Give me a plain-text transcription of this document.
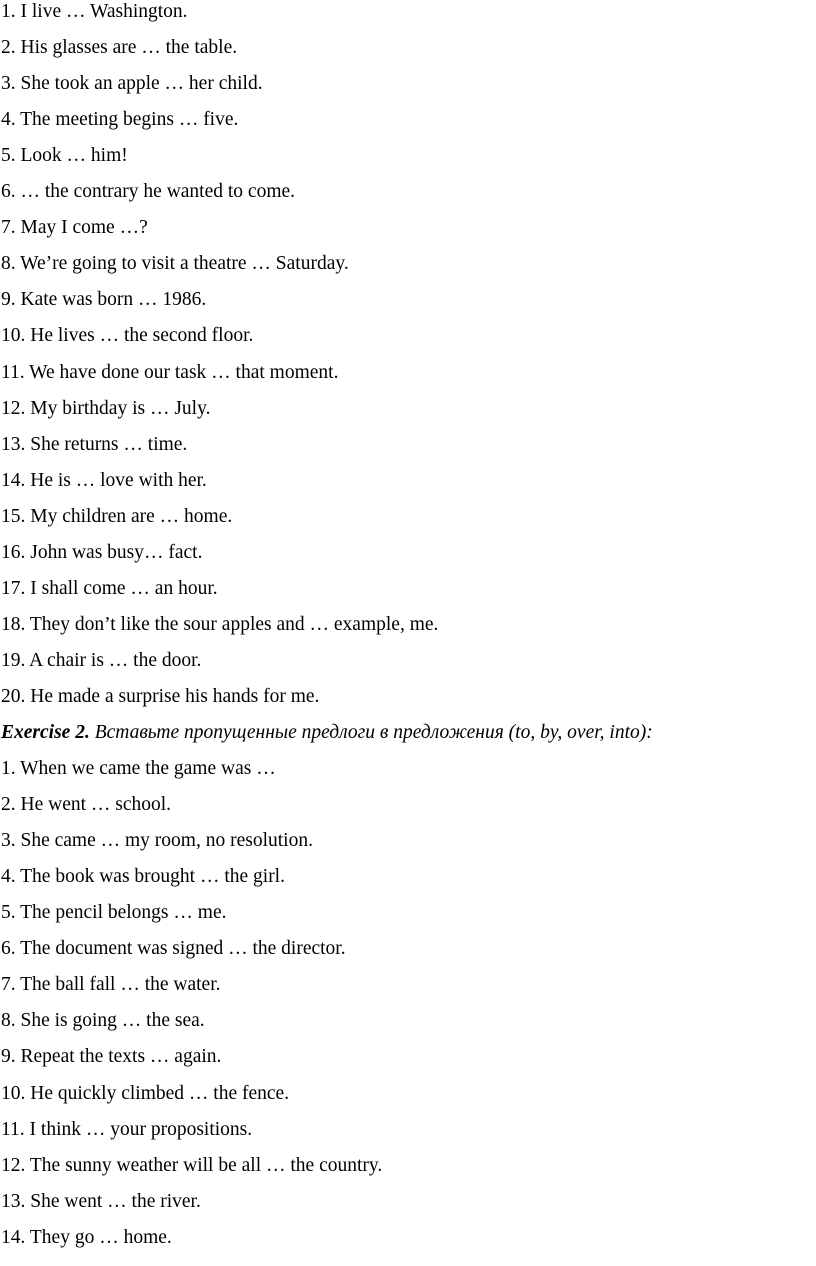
1. I live … Washington.
2. His glasses are … the table.
3. She took an apple … her child.
4. The meeting begins … five.
5. Look … him!
6. … the contrary he wanted to come.
7. May I come …?
8. We’re going to visit a theatre … Saturday.
9. Kate was born … 1986.
10. He lives … the second floor.
11. We have done our task … that moment.
12. My birthday is … July.
13. She returns … time.
14. He is … love with her.
15. My children are … home.
16. John was busy… fact.
17. I shall come … an hour.
18. They don’t like the sour apples and … example, me.
19. A chair is … the door.
20. He made a surprise his hands for me.
Exercise 2. Вставьте пропущенные предлоги в предложения (to, by, over, into):
1. When we came the game was …
2. He went … school.
3. She came … my room, no resolution.
4. The book was brought … the girl.
5. The pencil belongs … me.
6. The document was signed … the director.
7. The ball fall … the water.
8. She is going … the sea.
9. Repeat the texts … again.
10. He quickly climbed … the fence.
11. I think … your propositions.
12. The sunny weather will be all … the country.
13. She went … the river.
14. They go … home.
